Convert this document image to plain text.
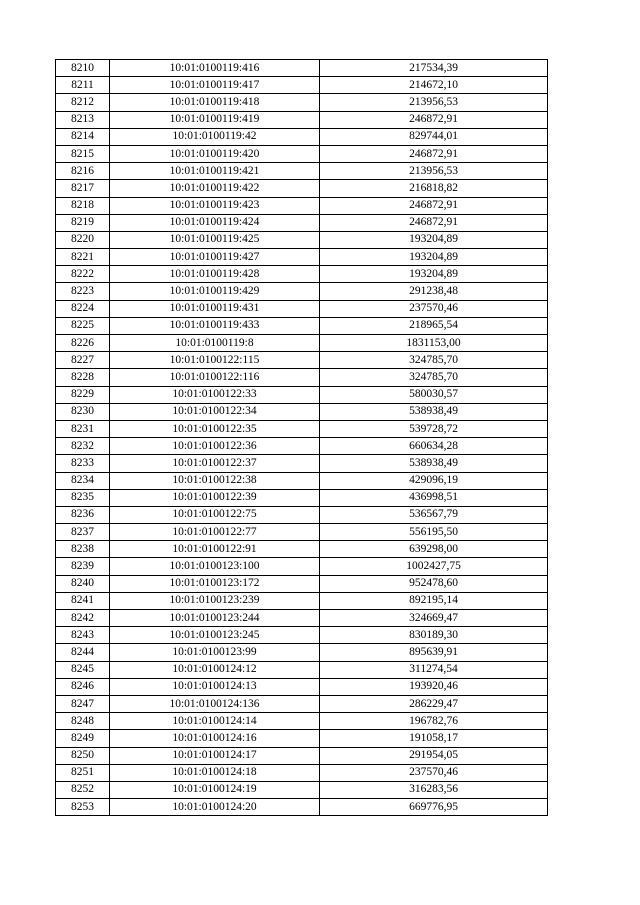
8210	10:01:0100119:416	217534,39
8211	10:01:0100119:417	214672,10
8212	10:01:0100119:418	213956,53
8213	10:01:0100119:419	246872,91
8214	10:01:0100119:42	829744,01
8215	10:01:0100119:420	246872,91
8216	10:01:0100119:421	213956,53
8217	10:01:0100119:422	216818,82
8218	10:01:0100119:423	246872,91
8219	10:01:0100119:424	246872,91
8220	10:01:0100119:425	193204,89
8221	10:01:0100119:427	193204,89
8222	10:01:0100119:428	193204,89
8223	10:01:0100119:429	291238,48
8224	10:01:0100119:431	237570,46
8225	10:01:0100119:433	218965,54
8226	10:01:0100119:8	1831153,00
8227	10:01:0100122:115	324785,70
8228	10:01:0100122:116	324785,70
8229	10:01:0100122:33	580030,57
8230	10:01:0100122:34	538938,49
8231	10:01:0100122:35	539728,72
8232	10:01:0100122:36	660634,28
8233	10:01:0100122:37	538938,49
8234	10:01:0100122:38	429096,19
8235	10:01:0100122:39	436998,51
8236	10:01:0100122:75	536567,79
8237	10:01:0100122:77	556195,50
8238	10:01:0100122:91	639298,00
8239	10:01:0100123:100	1002427,75
8240	10:01:0100123:172	952478,60
8241	10:01:0100123:239	892195,14
8242	10:01:0100123:244	324669,47
8243	10:01:0100123:245	830189,30
8244	10:01:0100123:99	895639,91
8245	10:01:0100124:12	311274,54
8246	10:01:0100124:13	193920,46
8247	10:01:0100124:136	286229,47
8248	10:01:0100124:14	196782,76
8249	10:01:0100124:16	191058,17
8250	10:01:0100124:17	291954,05
8251	10:01:0100124:18	237570,46
8252	10:01:0100124:19	316283,56
8253	10:01:0100124:20	669776,95
